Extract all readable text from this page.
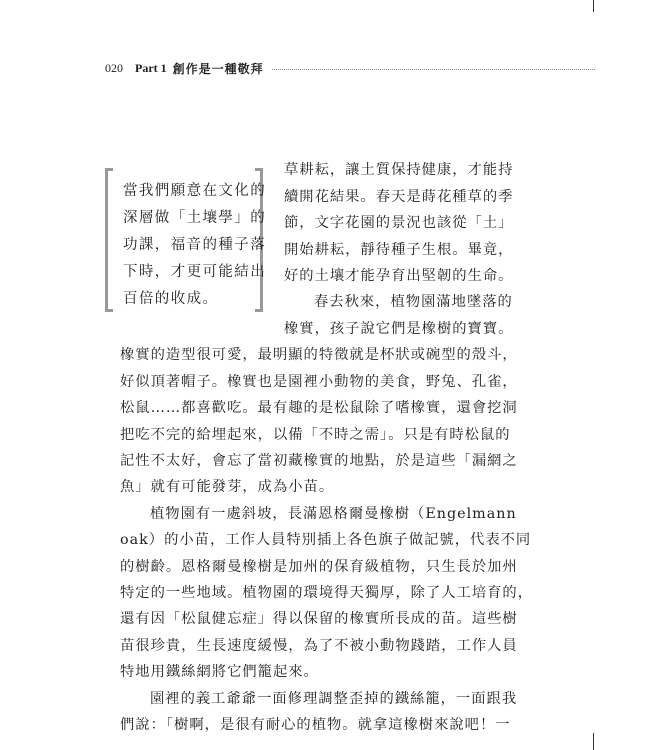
020 Part 1 創作是一種敬拜
當我們願意在文化的
深層做「土壤學」的
功課，福音的種子落
下時，才更可能結出
百倍的收成。
草耕耘，讓土質保持健康，才能持
續開花結果。春天是蒔花種草的季
節，文字花園的景況也該從「土」
開始耕耘，靜待種子生根。畢竟，
好的土壤才能孕育出堅韌的生命。
春去秋來，植物園滿地墜落的
橡實，孩子說它們是橡樹的寶寶。
橡實的造型很可愛，最明顯的特徵就是杯狀或碗型的殼斗，
好似頂著帽子。橡實也是園裡小動物的美食，野兔、孔雀，
松鼠……都喜歡吃。最有趣的是松鼠除了嗜橡實，還會挖洞
把吃不完的給埋起來，以備「不時之需」。只是有時松鼠的
記性不太好，會忘了當初藏橡實的地點，於是這些「漏網之
魚」就有可能發芽，成為小苗。
植物園有一處斜坡，長滿恩格爾曼橡樹（Engelmann
oak）的小苗，工作人員特別插上各色旗子做記號，代表不同
的樹齡。恩格爾曼橡樹是加州的保育級植物，只生長於加州
特定的一些地域。植物園的環境得天獨厚，除了人工培育的，
還有因「松鼠健忘症」得以保留的橡實所長成的苗。這些樹
苗很珍貴，生長速度緩慢，為了不被小動物踐踏，工作人員
特地用鐵絲網將它們籠起來。
園裡的義工爺爺一面修理調整歪掉的鐵絲籠，一面跟我
們說：「樹啊，是很有耐心的植物。就拿這橡樹來說吧！一
